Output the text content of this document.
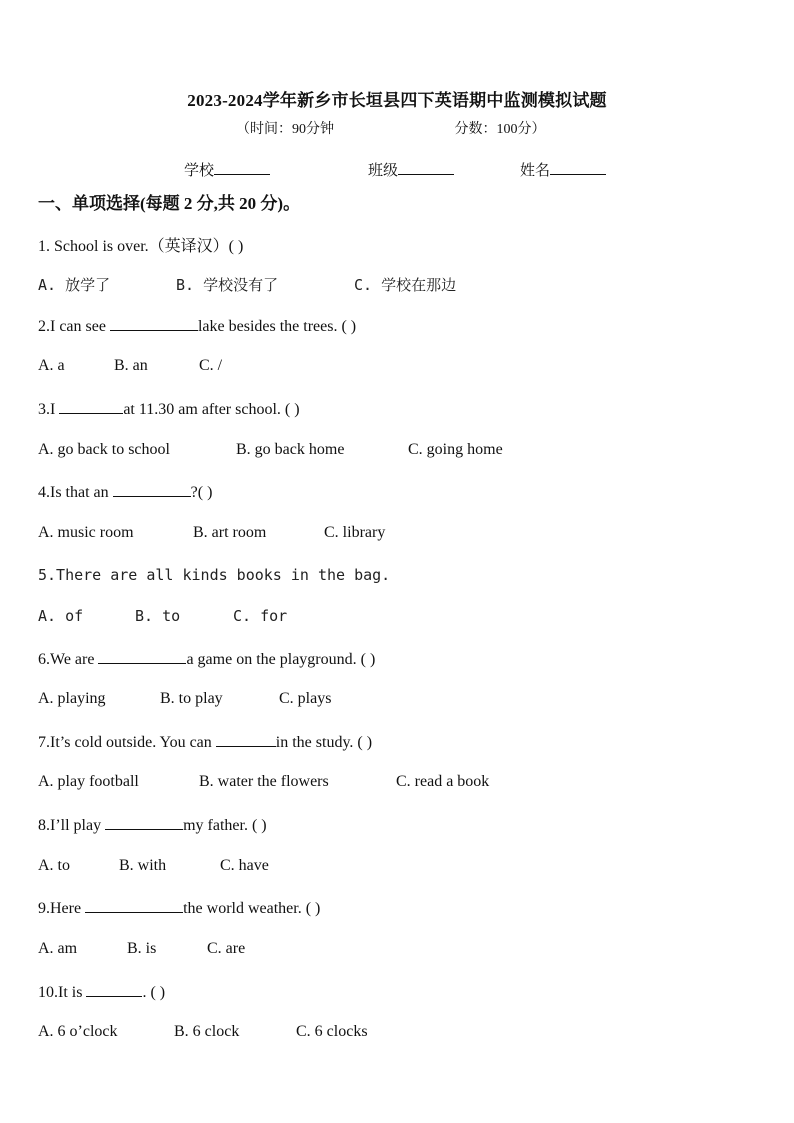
2023-2024学年新乡市长垣县四下英语期中监测模拟试题
（时间：90分钟	分数：100分）
学校	班级	姓名
一、单项选择(每题 2 分,共 20 分)。
1. School is over.（英译汉）( )
A. 放学了	B. 学校没有了	C. 学校在那边
2.I can see	lake besides the trees. ( )
A. a	B. an	C. /
3.I	at 11.30 am after school. ( )
A. go back to school	B. go back home	C. going home
4.Is that an	?( )
A. music room	B. art room	C. library
5.There are all kinds books in the bag.
A. of	B. to	C. for
6.We are	a game on the playground. ( )
A. playing	B. to play	C. plays
7.It’s cold outside. You can	in the study. ( )
A. play football	B. water the flowers	C. read a book
8.I’ll play	my father. ( )
A. to	B. with	C. have
9.Here	the world weather. ( )
A. am	B. is	C. are
10.It is	. ( )
A. 6 o’clock	B. 6 clock	C. 6 clocks
